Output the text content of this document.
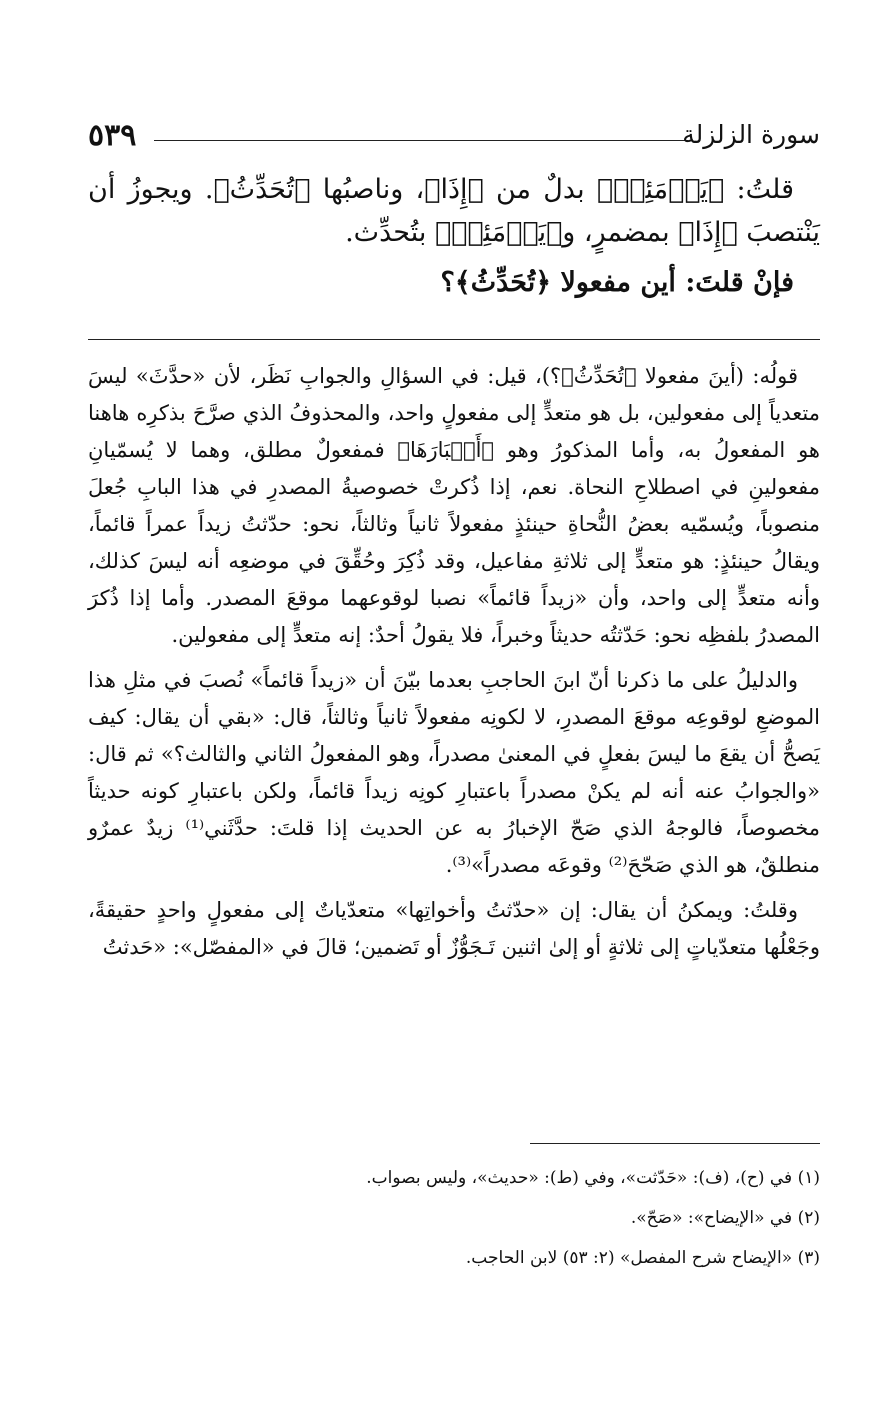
٥٣٩	سورة الزلزلة

قلتُ: ﴿يَوۡمَئِذٖ﴾ بدلٌ من ﴿إِذَا﴾، وناصبُها ﴿تُحَدِّثُ﴾. ويجوزُ أن يَنْتصبَ ﴿إِذَا﴾ بمضمرٍ، و﴿يَوۡمَئِذٖ﴾ بتُحدِّث.

فإنْ قلتَ: أين مفعولا ﴿تُحَدِّثُ﴾؟

قولُه: (أينَ مفعولا ﴿تُحَدِّثُ﴾؟)، قيل: في السؤالِ والجوابِ نَظَر، لأن «حدَّثَ» ليسَ متعدياً إلى مفعولين، بل هو متعدٍّ إلى مفعولٍ واحد، والمحذوفُ الذي صرَّحَ بذكرِه هاهنا هو المفعولُ به، وأما المذكورُ وهو ﴿أَخۡبَارَهَا﴾ فمفعولٌ مطلق، وهما لا يُسمّيانِ مفعولينِ في اصطلاحِ النحاة. نعم، إذا ذُكرتْ خصوصيةُ المصدرِ في هذا البابِ جُعلَ منصوباً، ويُسمّيه بعضُ النُّحاةِ حينئذٍ مفعولاً ثانياً وثالثاً، نحو: حدّثتُ زيداً عمراً قائماً، ويقالُ حينئذٍ: هو متعدٍّ إلى ثلاثةِ مفاعيل، وقد ذُكِرَ وحُقِّقَ في موضعِه أنه ليسَ كذلك، وأنه متعدٍّ إلى واحد، وأن «زيداً قائماً» نصبا لوقوعهما موقعَ المصدر. وأما إذا ذُكرَ المصدرُ بلفظِه نحو: حَدّثتُه حديثاً وخبراً، فلا يقولُ أحدٌ: إنه متعدٍّ إلى مفعولين.

والدليلُ على ما ذكرنا أنّ ابنَ الحاجبِ بعدما بيّنَ أن «زيداً قائماً» نُصبَ في مثلِ هذا الموضعِ لوقوعِه موقعَ المصدرِ، لا لكونِه مفعولاً ثانياً وثالثاً، قال: «بقي أن يقال: كيف يَصحُّ أن يقعَ ما ليسَ بفعلٍ في المعنىٰ مصدراً، وهو المفعولُ الثاني والثالث؟» ثم قال: «والجوابُ عنه أنه لم يكنْ مصدراً باعتبارِ كونِه زيداً قائماً، ولكن باعتبارِ كونه حديثاً مخصوصاً، فالوجهُ الذي صَحّ الإخبارُ به عن الحديث إذا قلتَ: حدَّثَني⁽¹⁾ زيدٌ عمرٌو منطلقٌ، هو الذي صَحّحَ⁽²⁾ وقوعَه مصدراً»⁽³⁾.

وقلتُ: ويمكنُ أن يقال: إن «حدّثتُ وأخواتِها» متعدّياتٌ إلى مفعولٍ واحدٍ حقيقةً، وجَعْلُها متعدّياتٍ إلى ثلاثةٍ أو إلىٰ اثنين تَـجَوُّزٌ أو تَضمين؛ قالَ في «المفصّل»: «حَدثتُ

(١) في (ح)، (ف): «حَدّثت»، وفي (ط): «حديث»، وليس بصواب.
(٢) في «الإيضاح»: «صَحّ».
(٣) «الإيضاح شرح المفصل» (٢: ٥٣) لابن الحاجب.
